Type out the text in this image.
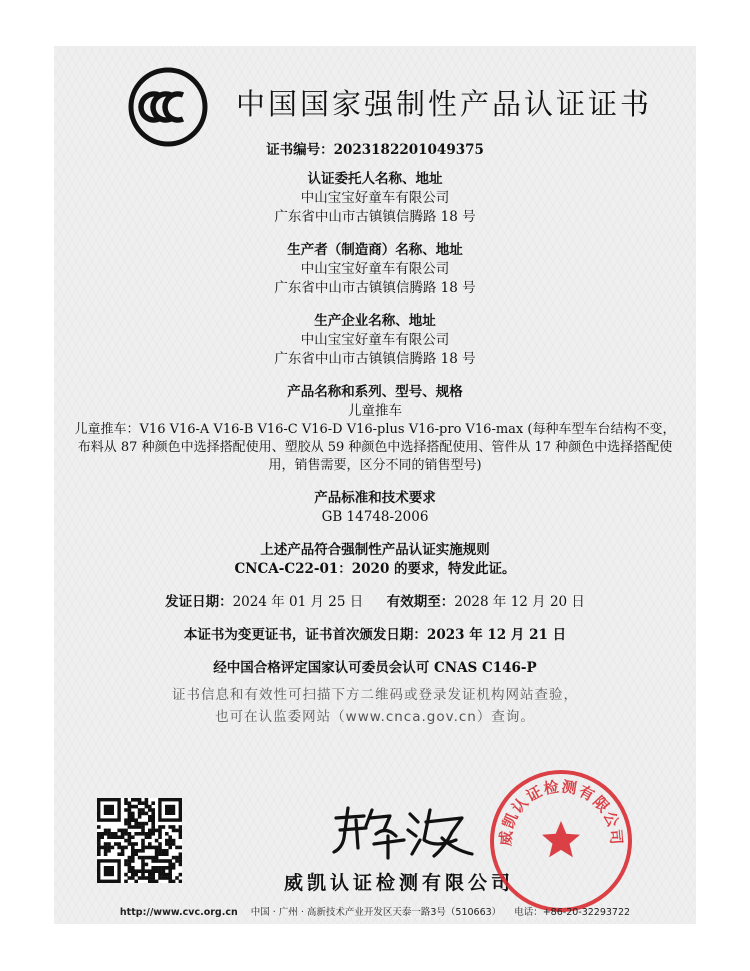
中国国家强制性产品认证证书
证书编号：2023182201049375
认证委托人名称、地址
中山宝宝好童车有限公司
广东省中山市古镇镇信腾路 18 号
生产者（制造商）名称、地址
中山宝宝好童车有限公司
广东省中山市古镇镇信腾路 18 号
生产企业名称、地址
中山宝宝好童车有限公司
广东省中山市古镇镇信腾路 18 号
产品名称和系列、型号、规格
儿童推车
儿童推车：V16 V16-A V16-B V16-C V16-D V16-plus V16-pro V16-max (每种车型车台结构不变，布料从 87 种颜色中选择搭配使用、塑胶从 59 种颜色中选择搭配使用、管件从 17 种颜色中选择搭配使用，销售需要，区分不同的销售型号)
产品标准和技术要求
GB 14748-2006
上述产品符合强制性产品认证实施规则
CNCA-C22-01：2020 的要求，特发此证。
发证日期：2024 年 01 月 25 日 有效期至：2028 年 12 月 20 日
本证书为变更证书，证书首次颁发日期：2023 年 12 月 21 日
经中国合格评定国家认可委员会认可 CNAS C146-P
证书信息和有效性可扫描下方二维码或登录发证机构网站查验，
也可在认监委网站（www.cnca.gov.cn）查询。
威凯认证检测有限公司
威凯认证检测有限公司
http://www.cvc.org.cn 中国 · 广州 · 高新技术产业开发区天泰一路3号（510663） 电话：+86-20-32293722
